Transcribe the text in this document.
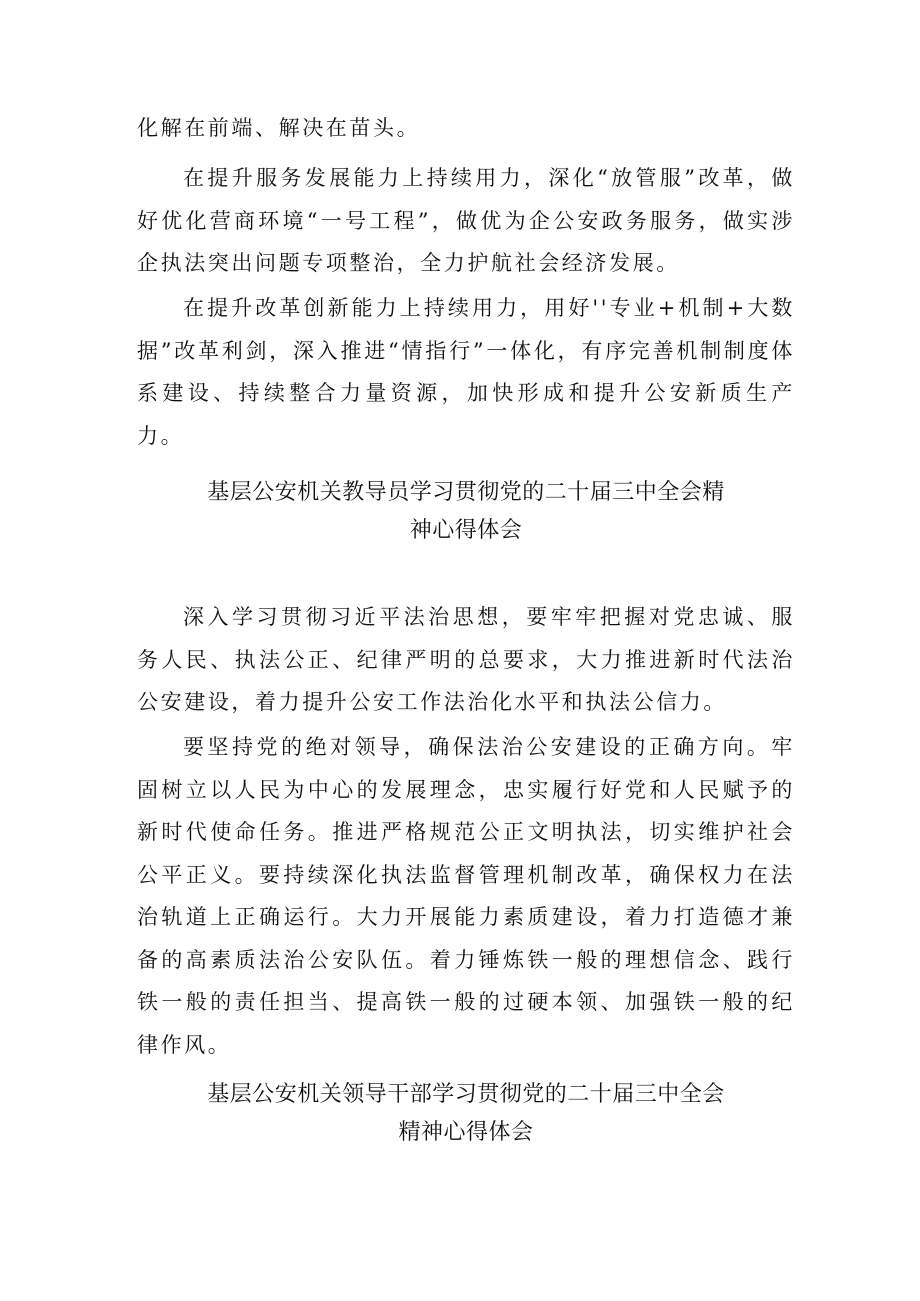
化解在前端、解决在苗头。

在提升服务发展能力上持续用力，深化“放管服”改革，做好优化营商环境“一号工程”，做优为企公安政务服务，做实涉企执法突出问题专项整治，全力护航社会经济发展。

在提升改革创新能力上持续用力，用好''专业+机制+大数据”改革利剑，深入推进“情指行”一体化，有序完善机制制度体系建设、持续整合力量资源，加快形成和提升公安新质生产力。

基层公安机关教导员学习贯彻党的二十届三中全会精
神心得体会

深入学习贯彻习近平法治思想，要牢牢把握对党忠诚、服务人民、执法公正、纪律严明的总要求，大力推进新时代法治公安建设，着力提升公安工作法治化水平和执法公信力。

要坚持党的绝对领导，确保法治公安建设的正确方向。牢固树立以人民为中心的发展理念，忠实履行好党和人民赋予的新时代使命任务。推进严格规范公正文明执法，切实维护社会公平正义。要持续深化执法监督管理机制改革，确保权力在法治轨道上正确运行。大力开展能力素质建设，着力打造德才兼备的高素质法治公安队伍。着力锤炼铁一般的理想信念、践行铁一般的责任担当、提高铁一般的过硬本领、加强铁一般的纪律作风。

基层公安机关领导干部学习贯彻党的二十届三中全会
精神心得体会
